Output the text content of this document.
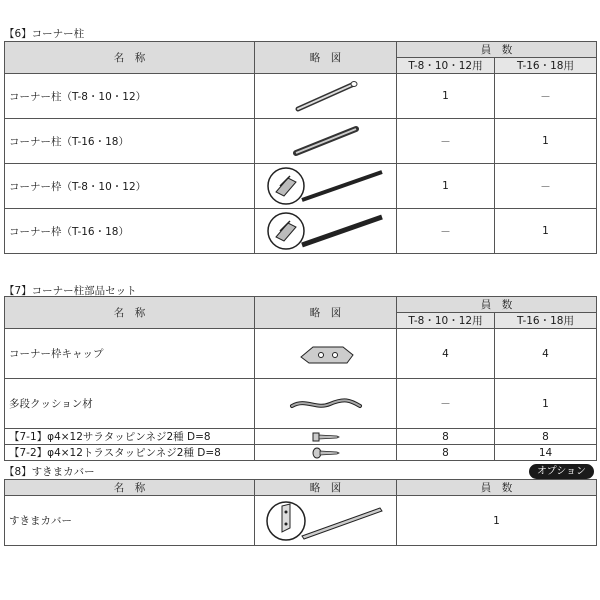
【6】コーナー柱
名　称	略　図	員　数	
		T-8・10・12用	T-16・18用
コーナー柱（T-8・10・12）		1	－
コーナー柱（T-16・18）		－	1
コーナー枠（T-8・10・12）		1	－
コーナー枠（T-16・18）		－	1
【7】コーナー柱部品セット
名　称	略　図	員　数	
		T-8・10・12用	T-16・18用
コーナー枠キャップ		4	4
多段クッション材		－	1
【7-1】φ4×12サラタッピンネジ2種 D=8		8	8
【7-2】φ4×12トラスタッピンネジ2種 D=8		8	14
【8】すきまカバー	オプション
名　称	略　図	員　数
すきまカバー		1
